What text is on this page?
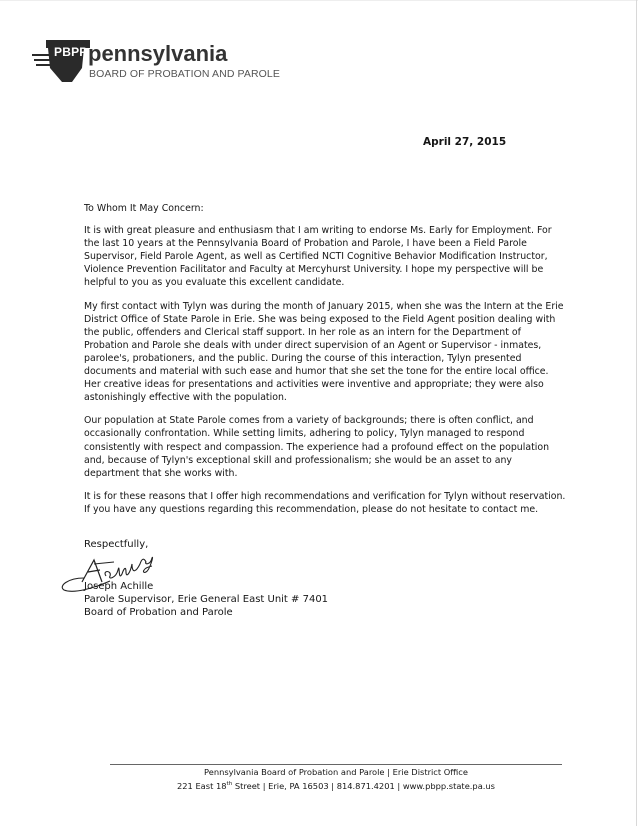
PBPP pennsylvania
BOARD OF PROBATION AND PAROLE
April 27, 2015

To Whom It May Concern:

It is with great pleasure and enthusiasm that I am writing to endorse Ms. Early for Employment. For the last 10 years at the Pennsylvania Board of Probation and Parole, I have been a Field Parole Supervisor, Field Parole Agent, as well as Certified NCTI Cognitive Behavior Modification Instructor, Violence Prevention Facilitator and Faculty at Mercyhurst University. I hope my perspective will be helpful to you as you evaluate this excellent candidate.

My first contact with Tylyn was during the month of January 2015, when she was the Intern at the Erie District Office of State Parole in Erie. She was being exposed to the Field Agent position dealing with the public, offenders and Clerical staff support. In her role as an intern for the Department of Probation and Parole she deals with under direct supervision of an Agent or Supervisor - inmates, parolee's, probationers, and the public. During the course of this interaction, Tylyn presented documents and material with such ease and humor that she set the tone for the entire local office. Her creative ideas for presentations and activities were inventive and appropriate; they were also astonishingly effective with the population.

Our population at State Parole comes from a variety of backgrounds; there is often conflict, and occasionally confrontation. While setting limits, adhering to policy, Tylyn managed to respond consistently with respect and compassion. The experience had a profound effect on the population and, because of Tylyn's exceptional skill and professionalism; she would be an asset to any department that she works with.

It is for these reasons that I offer high recommendations and verification for Tylyn without reservation. If you have any questions regarding this recommendation, please do not hesitate to contact me.

Respectfully,
Joseph Achille
Parole Supervisor, Erie General East Unit # 7401
Board of Probation and Parole
Pennsylvania Board of Probation and Parole | Erie District Office
221 East 18th Street | Erie, PA 16503 | 814.871.4201 | www.pbpp.state.pa.us
